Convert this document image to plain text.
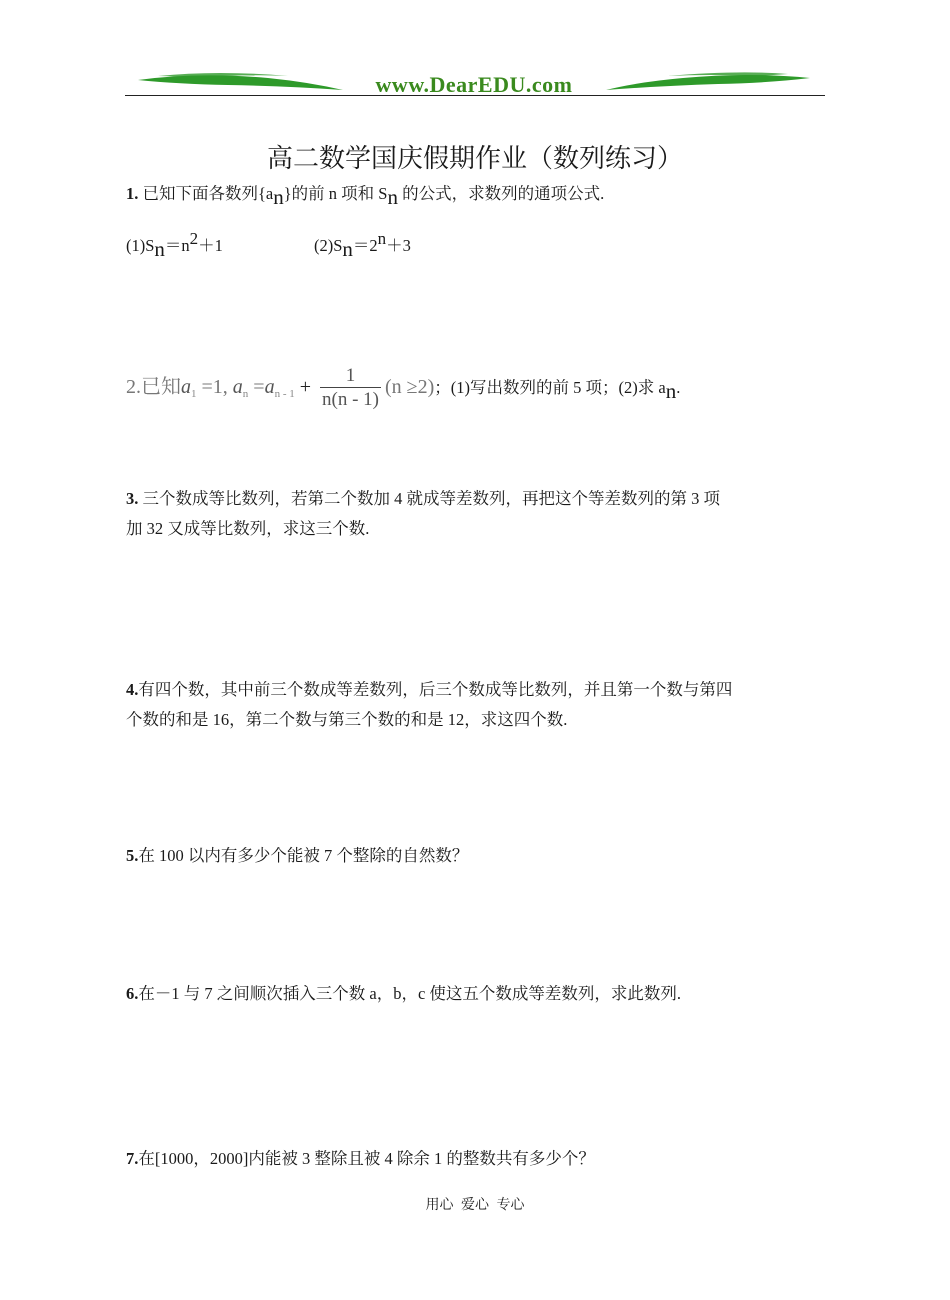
www.DearEDU.com
高二数学国庆假期作业（数列练习）
1. 已知下面各数列{an}的前 n 项和 Sn 的公式，求数列的通项公式.
(1)Sn＝n2＋1	(2)Sn＝2n＋3
2.已知$a_1 =1$, $a_n =a_{n - 1} + \frac{1}{n(n - 1)} (n \ge 2)$；(1)写出数列的前 5 项；(2)求 an.
3. 三个数成等比数列，若第二个数加 4 就成等差数列，再把这个等差数列的第 3 项
加 32 又成等比数列，求这三个数.
4.有四个数，其中前三个数成等差数列，后三个数成等比数列，并且第一个数与第四
个数的和是 16，第二个数与第三个数的和是 12，求这四个数.
5.在 100 以内有多少个能被 7 个整除的自然数？
6.在－1 与 7 之间顺次插入三个数 a，b，c 使这五个数成等差数列，求此数列.
7.在[1000，2000]内能被 3 整除且被 4 除余 1 的整数共有多少个？
用心 爱心 专心
